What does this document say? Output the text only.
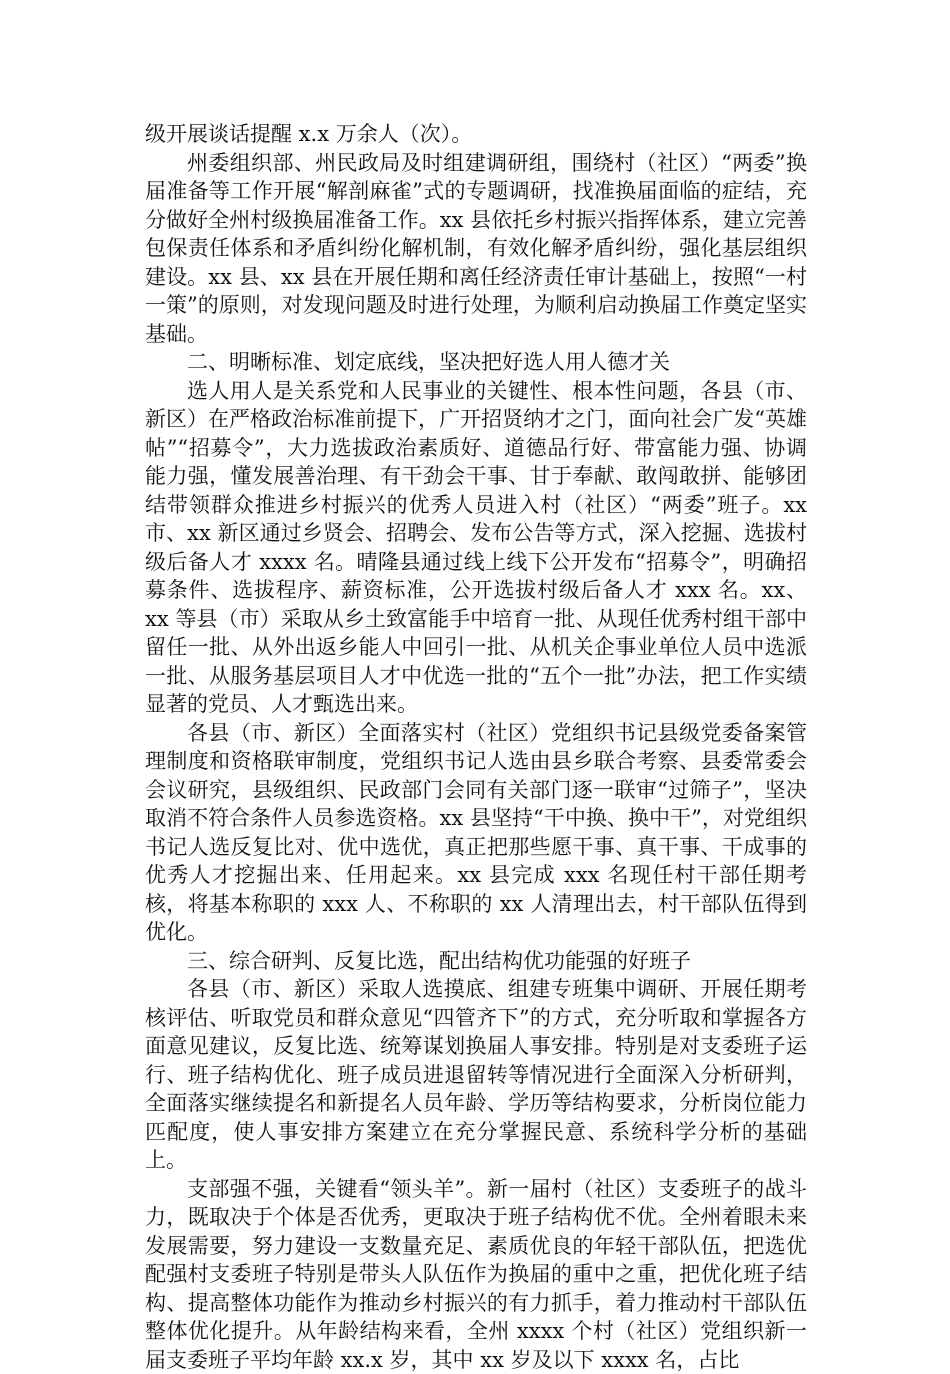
级开展谈话提醒 x.x 万余人（次）。

州委组织部、州民政局及时组建调研组，围绕村（社区）“两委”换届准备等工作开展“解剖麻雀”式的专题调研，找准换届面临的症结，充分做好全州村级换届准备工作。xx 县依托乡村振兴指挥体系，建立完善包保责任体系和矛盾纠纷化解机制，有效化解矛盾纠纷，强化基层组织建设。xx 县、xx 县在开展任期和离任经济责任审计基础上，按照“一村一策”的原则，对发现问题及时进行处理，为顺利启动换届工作奠定坚实基础。

二、明晰标准、划定底线，坚决把好选人用人德才关

选人用人是关系党和人民事业的关键性、根本性问题，各县（市、新区）在严格政治标准前提下，广开招贤纳才之门，面向社会广发“英雄帖”“招募令”，大力选拔政治素质好、道德品行好、带富能力强、协调能力强，懂发展善治理、有干劲会干事、甘于奉献、敢闯敢拼、能够团结带领群众推进乡村振兴的优秀人员进入村（社区）“两委”班子。xx 市、xx 新区通过乡贤会、招聘会、发布公告等方式，深入挖掘、选拔村级后备人才 xxxx 名。晴隆县通过线上线下公开发布“招募令”，明确招募条件、选拔程序、薪资标准，公开选拔村级后备人才 xxx 名。xx、xx 等县（市）采取从乡土致富能手中培育一批、从现任优秀村组干部中留任一批、从外出返乡能人中回引一批、从机关企事业单位人员中选派一批、从服务基层项目人才中优选一批的“五个一批”办法，把工作实绩显著的党员、人才甄选出来。

各县（市、新区）全面落实村（社区）党组织书记县级党委备案管理制度和资格联审制度，党组织书记人选由县乡联合考察、县委常委会会议研究，县级组织、民政部门会同有关部门逐一联审“过筛子”，坚决取消不符合条件人员参选资格。xx 县坚持“干中换、换中干”，对党组织书记人选反复比对、优中选优，真正把那些愿干事、真干事、干成事的优秀人才挖掘出来、任用起来。xx 县完成 xxx 名现任村干部任期考核，将基本称职的 xxx 人、不称职的 xx 人清理出去，村干部队伍得到优化。

三、综合研判、反复比选，配出结构优功能强的好班子

各县（市、新区）采取人选摸底、组建专班集中调研、开展任期考核评估、听取党员和群众意见“四管齐下”的方式，充分听取和掌握各方面意见建议，反复比选、统筹谋划换届人事安排。特别是对支委班子运行、班子结构优化、班子成员进退留转等情况进行全面深入分析研判，全面落实继续提名和新提名人员年龄、学历等结构要求，分析岗位能力匹配度，使人事安排方案建立在充分掌握民意、系统科学分析的基础上。

支部强不强，关键看“领头羊”。新一届村（社区）支委班子的战斗力，既取决于个体是否优秀，更取决于班子结构优不优。全州着眼未来发展需要，努力建设一支数量充足、素质优良的年轻干部队伍，把选优配强村支委班子特别是带头人队伍作为换届的重中之重，把优化班子结构、提高整体功能作为推动乡村振兴的有力抓手，着力推动村干部队伍整体优化提升。从年龄结构来看，全州 xxxx 个村（社区）党组织新一届支委班子平均年龄 xx.x 岁，其中 xx 岁及以下 xxxx 名，占比
